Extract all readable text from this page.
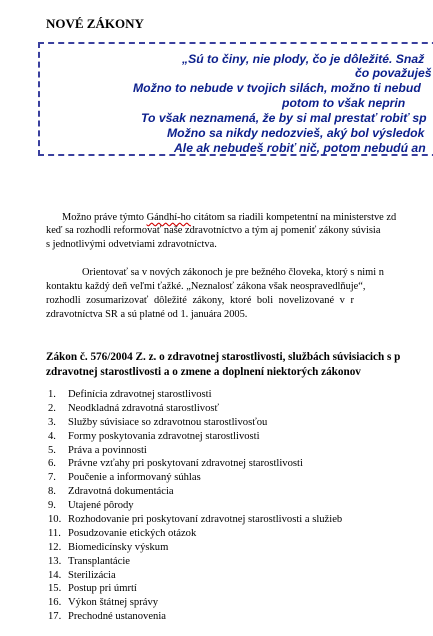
NOVÉ ZÁKONY
„Sú to činy, nie plody, čo je dôležité. Snaž
čo považuješ
Možno to nebude v tvojich silách, možno ti nebud
potom to však neprin
To však neznamená, že by si mal prestať robiť sp
Možno sa nikdy nedozvieš, aký bol výsledok
Ale ak nebudeš robiť nič, potom nebudú an
Možno práve týmto Gándhí-ho citátom sa riadili kompetentní na ministerstve zd
keď sa rozhodli reformovať naše zdravotníctvo a tým aj pomeniť zákony súvisia
s jednotlivými odvetviami zdravotníctva.
Orientovať sa v nových zákonoch je pre bežného človeka, ktorý s nimi n
kontaktu každý deň veľmi ťažké. „Neznalosť zákona však neospravedlňuje“,
rozhodli zosumarizovať dôležité zákony, ktoré boli novelizované v r
zdravotníctva SR a sú platné od 1. januára 2005.
Zákon č. 576/2004 Z. z. o zdravotnej starostlivosti, službách súvisiacich s p
zdravotnej starostlivosti a o zmene a doplnení niektorých zákonov
1. Definícia zdravotnej starostlivosti
2. Neodkladná zdravotná starostlivosť
3. Služby súvisiace so zdravotnou starostlivosťou
4. Formy poskytovania zdravotnej starostlivosti
5. Práva a povinnosti
6. Právne vzťahy pri poskytovaní zdravotnej starostlivosti
7. Poučenie a informovaný súhlas
8. Zdravotná dokumentácia
9. Utajené pôrody
10. Rozhodovanie pri poskytovaní zdravotnej starostlivosti a služieb
11. Posudzovanie etických otázok
12. Biomedicínsky výskum
13. Transplantácie
14. Sterilizácia
15. Postup pri úmrtí
16. Výkon štátnej správy
17. Prechodné ustanovenia
